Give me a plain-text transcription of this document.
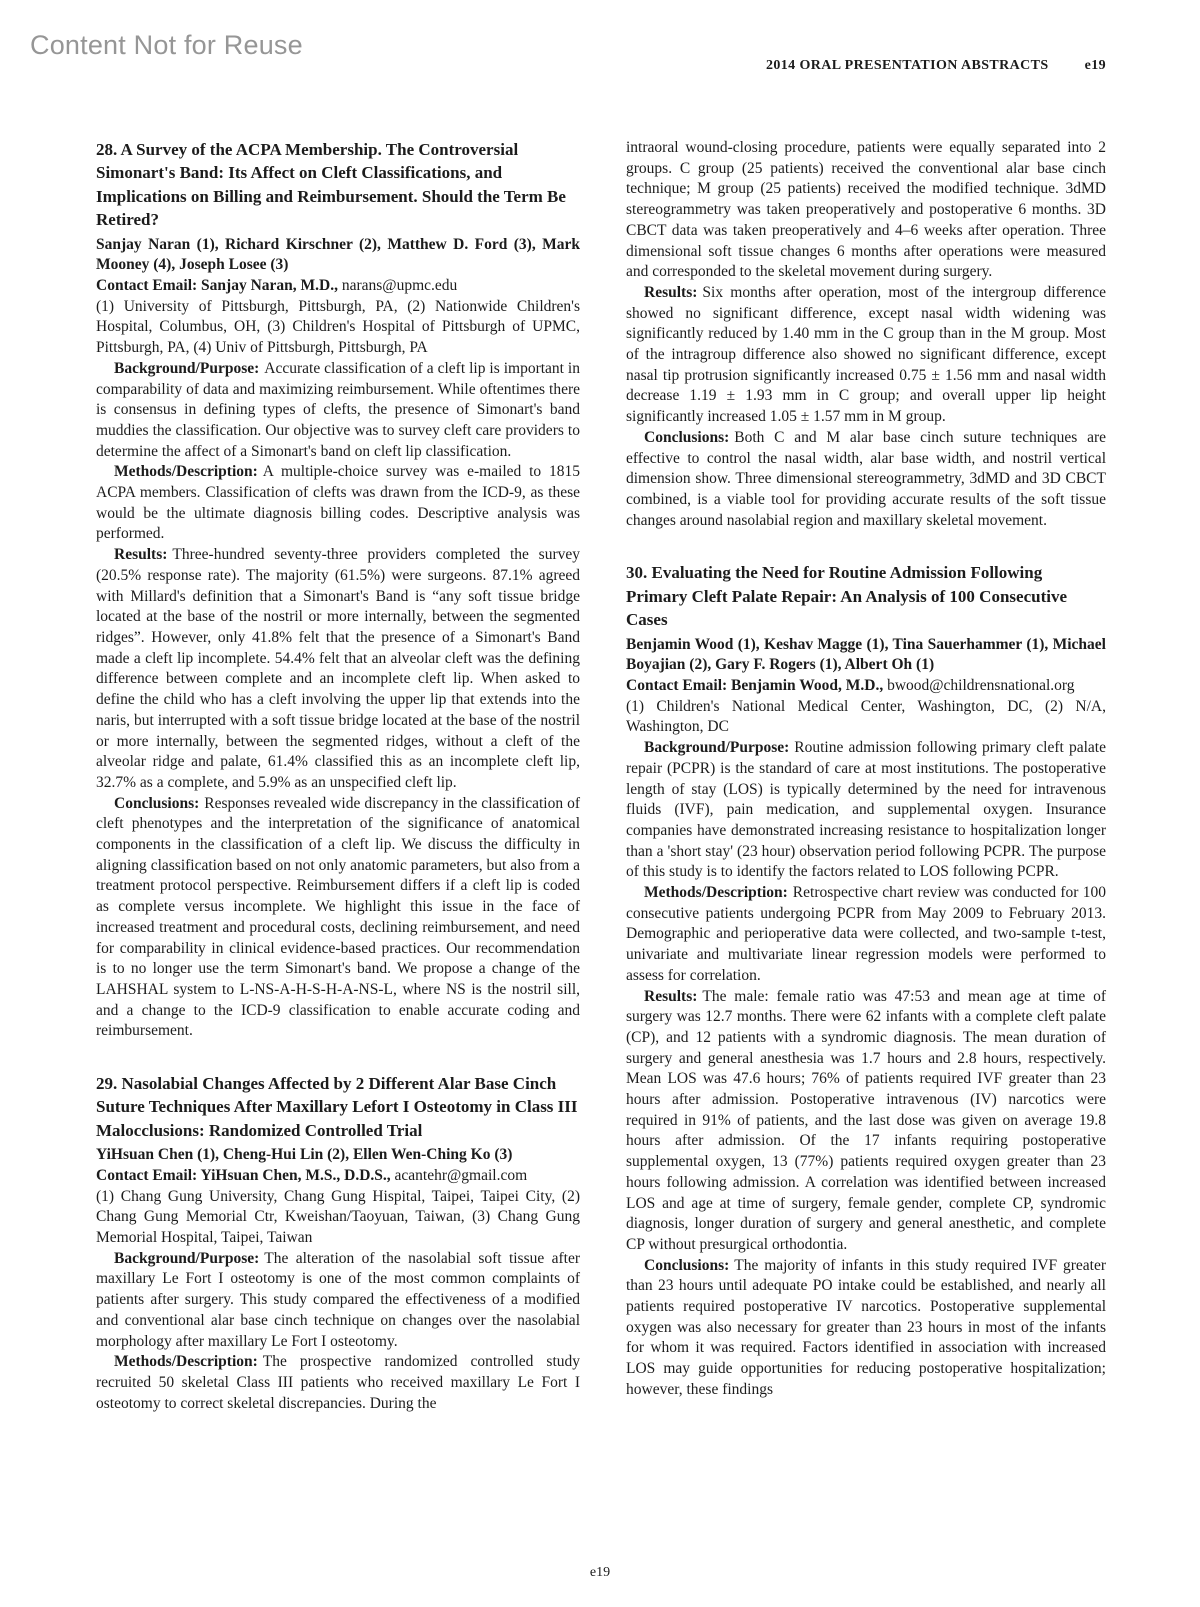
Content Not for Reuse
2014 ORAL PRESENTATION ABSTRACTS	e19
28. A Survey of the ACPA Membership. The Controversial Simonart's Band: Its Affect on Cleft Classifications, and Implications on Billing and Reimbursement. Should the Term Be Retired?

Sanjay Naran (1), Richard Kirschner (2), Matthew D. Ford (3), Mark Mooney (4), Joseph Losee (3)

Contact Email: Sanjay Naran, M.D., narans@upmc.edu

(1) University of Pittsburgh, Pittsburgh, PA, (2) Nationwide Children's Hospital, Columbus, OH, (3) Children's Hospital of Pittsburgh of UPMC, Pittsburgh, PA, (4) Univ of Pittsburgh, Pittsburgh, PA

Background/Purpose: Accurate classification of a cleft lip is important in comparability of data and maximizing reimbursement. While oftentimes there is consensus in defining types of clefts, the presence of Simonart's band muddies the classification. Our objective was to survey cleft care providers to determine the affect of a Simonart's band on cleft lip classification.

Methods/Description: A multiple-choice survey was e-mailed to 1815 ACPA members. Classification of clefts was drawn from the ICD-9, as these would be the ultimate diagnosis billing codes. Descriptive analysis was performed.

Results: Three-hundred seventy-three providers completed the survey (20.5% response rate). The majority (61.5%) were surgeons. 87.1% agreed with Millard's definition that a Simonart's Band is “any soft tissue bridge located at the base of the nostril or more internally, between the segmented ridges”. However, only 41.8% felt that the presence of a Simonart's Band made a cleft lip incomplete. 54.4% felt that an alveolar cleft was the defining difference between complete and an incomplete cleft lip. When asked to define the child who has a cleft involving the upper lip that extends into the naris, but interrupted with a soft tissue bridge located at the base of the nostril or more internally, between the segmented ridges, without a cleft of the alveolar ridge and palate, 61.4% classified this as an incomplete cleft lip, 32.7% as a complete, and 5.9% as an unspecified cleft lip.

Conclusions: Responses revealed wide discrepancy in the classification of cleft phenotypes and the interpretation of the significance of anatomical components in the classification of a cleft lip. We discuss the difficulty in aligning classification based on not only anatomic parameters, but also from a treatment protocol perspective. Reimbursement differs if a cleft lip is coded as complete versus incomplete. We highlight this issue in the face of increased treatment and procedural costs, declining reimbursement, and need for comparability in clinical evidence-based practices. Our recommendation is to no longer use the term Simonart's band. We propose a change of the LAHSHAL system to L-NS-A-H-S-H-A-NS-L, where NS is the nostril sill, and a change to the ICD-9 classification to enable accurate coding and reimbursement.

29. Nasolabial Changes Affected by 2 Different Alar Base Cinch Suture Techniques After Maxillary Lefort I Osteotomy in Class III Malocclusions: Randomized Controlled Trial

YiHsuan Chen (1), Cheng-Hui Lin (2), Ellen Wen-Ching Ko (3)

Contact Email: YiHsuan Chen, M.S., D.D.S., acantehr@gmail.com

(1) Chang Gung University, Chang Gung Hispital, Taipei, Taipei City, (2) Chang Gung Memorial Ctr, Kweishan/Taoyuan, Taiwan, (3) Chang Gung Memorial Hospital, Taipei, Taiwan

Background/Purpose: The alteration of the nasolabial soft tissue after maxillary Le Fort I osteotomy is one of the most common complaints of patients after surgery. This study compared the effectiveness of a modified and conventional alar base cinch technique on changes over the nasolabial morphology after maxillary Le Fort I osteotomy.

Methods/Description: The prospective randomized controlled study recruited 50 skeletal Class III patients who received maxillary Le Fort I osteotomy to correct skeletal discrepancies. During the

intraoral wound-closing procedure, patients were equally separated into 2 groups. C group (25 patients) received the conventional alar base cinch technique; M group (25 patients) received the modified technique. 3dMD stereogrammetry was taken preoperatively and postoperative 6 months. 3D CBCT data was taken preoperatively and 4–6 weeks after operation. Three dimensional soft tissue changes 6 months after operations were measured and corresponded to the skeletal movement during surgery.

Results: Six months after operation, most of the intergroup difference showed no significant difference, except nasal width widening was significantly reduced by 1.40 mm in the C group than in the M group. Most of the intragroup difference also showed no significant difference, except nasal tip protrusion significantly increased 0.75 ± 1.56 mm and nasal width decrease 1.19 ± 1.93 mm in C group; and overall upper lip height significantly increased 1.05 ± 1.57 mm in M group.

Conclusions: Both C and M alar base cinch suture techniques are effective to control the nasal width, alar base width, and nostril vertical dimension show. Three dimensional stereogrammetry, 3dMD and 3D CBCT combined, is a viable tool for providing accurate results of the soft tissue changes around nasolabial region and maxillary skeletal movement.

30. Evaluating the Need for Routine Admission Following Primary Cleft Palate Repair: An Analysis of 100 Consecutive Cases

Benjamin Wood (1), Keshav Magge (1), Tina Sauerhammer (1), Michael Boyajian (2), Gary F. Rogers (1), Albert Oh (1)

Contact Email: Benjamin Wood, M.D., bwood@childrensnational.org

(1) Children's National Medical Center, Washington, DC, (2) N/A, Washington, DC

Background/Purpose: Routine admission following primary cleft palate repair (PCPR) is the standard of care at most institutions. The postoperative length of stay (LOS) is typically determined by the need for intravenous fluids (IVF), pain medication, and supplemental oxygen. Insurance companies have demonstrated increasing resistance to hospitalization longer than a 'short stay' (23 hour) observation period following PCPR. The purpose of this study is to identify the factors related to LOS following PCPR.

Methods/Description: Retrospective chart review was conducted for 100 consecutive patients undergoing PCPR from May 2009 to February 2013. Demographic and perioperative data were collected, and two-sample t-test, univariate and multivariate linear regression models were performed to assess for correlation.

Results: The male: female ratio was 47:53 and mean age at time of surgery was 12.7 months. There were 62 infants with a complete cleft palate (CP), and 12 patients with a syndromic diagnosis. The mean duration of surgery and general anesthesia was 1.7 hours and 2.8 hours, respectively. Mean LOS was 47.6 hours; 76% of patients required IVF greater than 23 hours after admission. Postoperative intravenous (IV) narcotics were required in 91% of patients, and the last dose was given on average 19.8 hours after admission. Of the 17 infants requiring postoperative supplemental oxygen, 13 (77%) patients required oxygen greater than 23 hours following admission. A correlation was identified between increased LOS and age at time of surgery, female gender, complete CP, syndromic diagnosis, longer duration of surgery and general anesthetic, and complete CP without presurgical orthodontia.

Conclusions: The majority of infants in this study required IVF greater than 23 hours until adequate PO intake could be established, and nearly all patients required postoperative IV narcotics. Postoperative supplemental oxygen was also necessary for greater than 23 hours in most of the infants for whom it was required. Factors identified in association with increased LOS may guide opportunities for reducing postoperative hospitalization; however, these findings

e19
